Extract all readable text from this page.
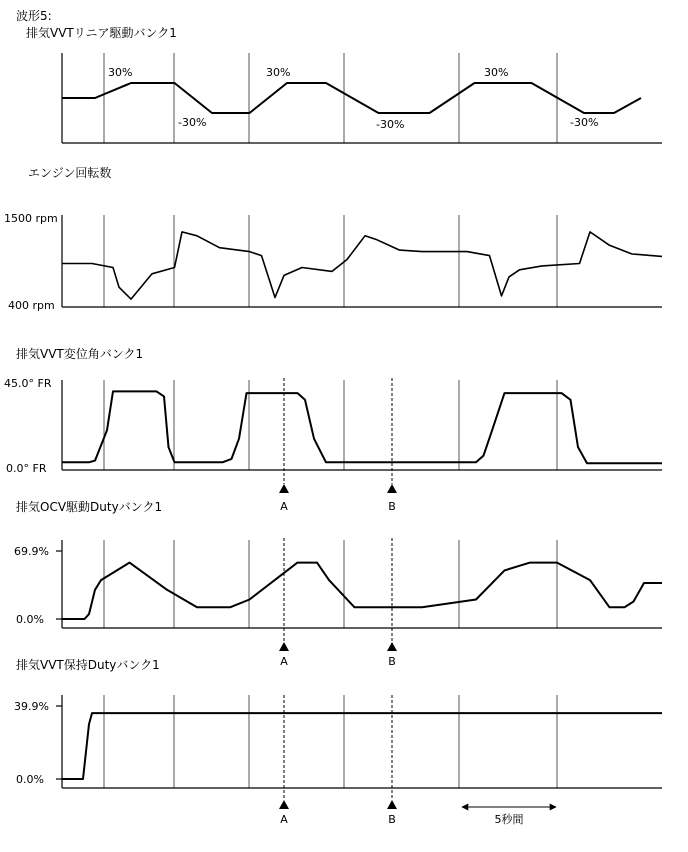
波形5:
排気VVTリニア駆動バンク1
30%
-30%
30%
-30%
30%
-30%
エンジン回転数
1500 rpm
400 rpm
排気VVT変位角バンク1
45.0° FR
0.0° FR
A	B
排気OCV駆動Dutyバンク1
69.9%
0.0%
A	B
排気VVT保持Dutyバンク1
39.9%
0.0%
A	B	5秒間
